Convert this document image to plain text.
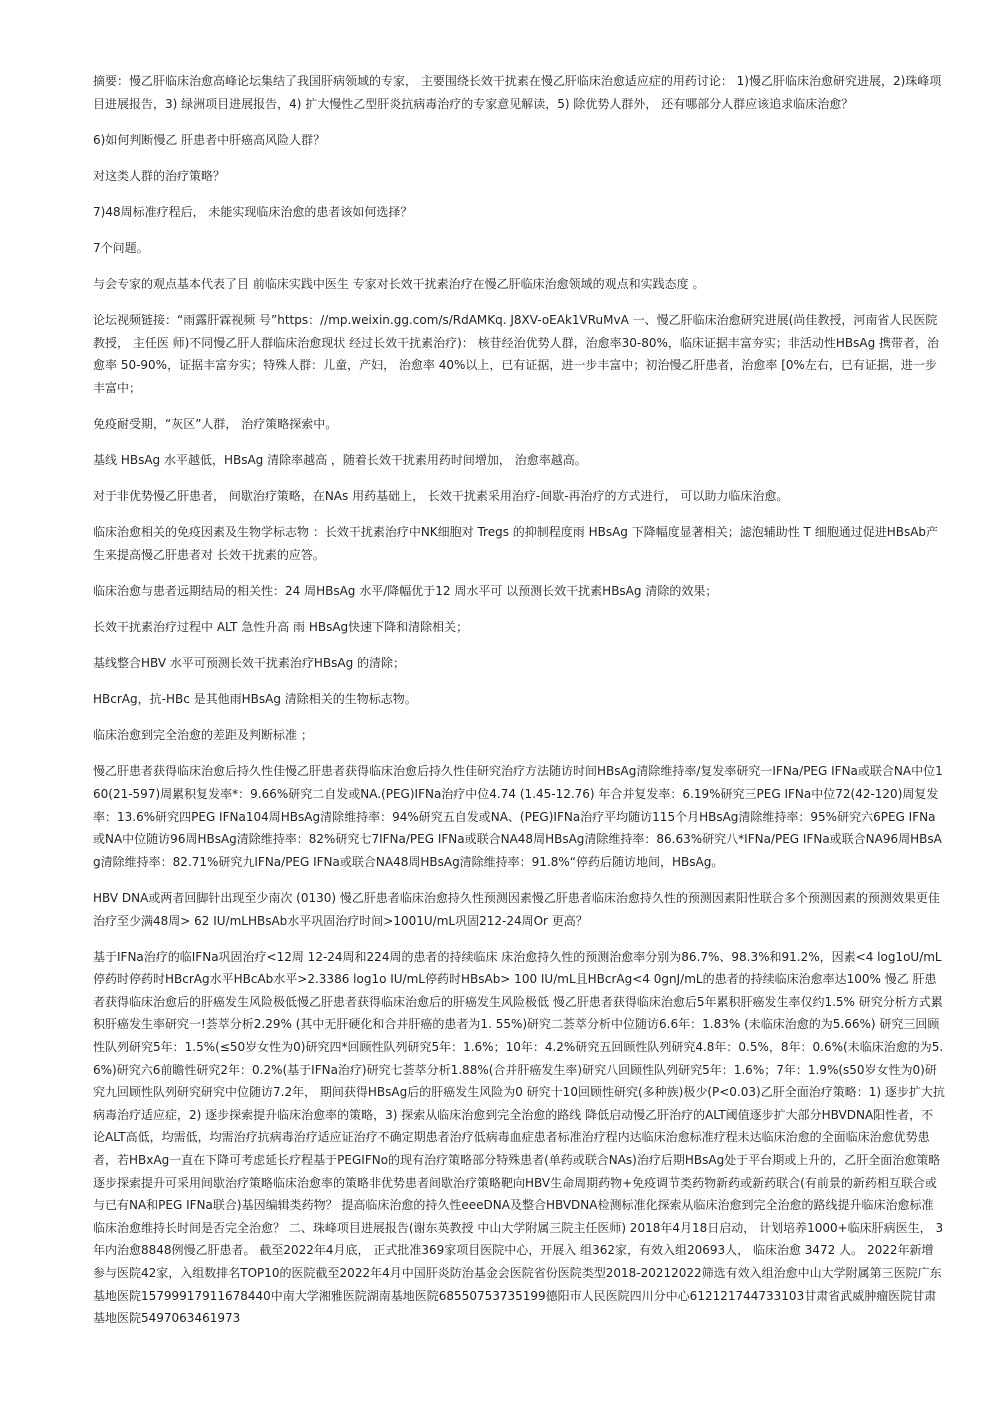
摘要：慢乙肝临床治愈高峰论坛集结了我国肝病领域的专家， 主要围绕长效干扰素在慢乙肝临床治愈适应症的用药讨论： 1)慢乙肝临床治愈研究进展，2)珠峰项目进展报告，3) 绿洲项目进展报告，4) 扩大慢性乙型肝炎抗病毒治疗的专家意见解读，5) 除优势人群外， 还有哪部分人群应该追求临床治愈？

6)如何判断慢乙 肝患者中肝癌高风险人群？

对这类人群的治疗策略？

7)48周标准疗程后， 未能实现临床治愈的患者该如何选择？

7个问题。

与会专家的观点基本代表了目 前临床实践中医生 专家对长效干扰素治疗在慢乙肝临床治愈领域的观点和实践态度 。

论坛视频链接：“雨露肝霖视频 号”https：//mp.weixin.gg.com/s/RdAMKq. J8XV-oEAk1VRuMvA 一、慢乙肝临床治愈研究进展(尚佳教授，河南省人民医院教授， 主任医 师)不同慢乙肝人群临床治愈现状 经过长效干扰素治疗)： 核苷经治优势人群，治愈率30-80%，临床证据丰富夯实；非活动性HBsAg 携带者，治愈率 50-90%，证据丰富夯实；特殊人群：儿童，产妇， 治愈率 40%以上，已有证据，进一步丰富中；初治慢乙肝患者，治愈率 [0%左右，已有证据，进一步丰富中；

免疫耐受期，“灰区”人群， 治疗策略探索中。

基线 HBsAg 水平越低，HBsAg 清除率越高 ，随着长效干扰素用药时间增加， 治愈率越高。

对于非优势慢乙肝患者， 间歇治疗策略，在NAs 用药基础上， 长效干扰素采用治疗-间歇-再治疗的方式进行， 可以助力临床治愈。

临床治愈相关的免疫因素及生物学标志物 ：长效干扰素治疗中NK细胞对 Tregs 的抑制程度雨 HBsAg 下降幅度显著相关；滤泡辅助性 T 细胞通过促进HBsAb产生来提高慢乙肝患者对 长效干扰素的应答。

临床治愈与患者远期结局的相关性：24 周HBsAg 水平/降幅优于12 周水平可 以预测长效干扰素HBsAg 清除的效果；

长效干扰素治疗过程中 ALT 急性升高 雨 HBsAg快速下降和清除相关；

基线整合HBV 水平可预测长效干扰素治疗HBsAg 的清除；

HBcrAg，抗-HBc 是其他雨HBsAg 清除相关的生物标志物。

临床治愈到完全治愈的差距及判断标准 ；

慢乙肝患者获得临床治愈后持久性佳慢乙肝患者获得临床治愈后持久性佳研究治疗方法随访时间HBsAg清除维持率/复发率研究一IFNa/PEG IFNa或联合NA中位160(21-597)周累积复发率*：9.66%研究二自发或NA.(PEG)IFNa治疗中位4.74 (1.45-12.76) 年合并复发率：6.19%研究三PEG IFNa中位72(42-120)周复发率：13.6%研究四PEG IFNa104周HBsAg清除维持率：94%研究五自发或NA、(PEG)IFNa治疗平均随访115个月HBsAg清除维持率：95%研究六6PEG IFNa或NA中位随访96周HBsAg清除维持率：82%研究七7IFNa/PEG IFNa或联合NA48周HBsAg清除维持率：86.63%研究八*IFNa/PEG IFNa或联合NA96周HBsAg清除维持率：82.71%研究九IFNa/PEG IFNa或联合NA48周HBsAg清除维持率：91.8%“停药后随访地间，HBsAg。

HBV DNA或两者回脚针出现至少南次 (0130) 慢乙肝患者临床治愈持久性预测因素慢乙肝患者临床治愈持久性的预测因素阳性联合多个预测因素的预测效果更佳治疗至少满48周> 62 IU/mLHBsAb水平巩固治疗时间>1001U/mL巩固212-24周Or 更高？

基于IFNa治疗的临IFNa巩固治疗<12周 12-24周和224周的患者的持续临床 床治愈持久性的预测治愈率分别为86.7%、98.3%和91.2%，因素<4 log1oU/mL停药时停药时HBcrAg水平HBcAb水平>2.3386 log1o IU/mL停药时HBsAb> 100 IU/mL且HBcrAg<4 0gnJ/mL的患者的持续临床治愈率达100% 慢乙 肝患者获得临床治愈后的肝癌发生风险极低慢乙肝患者获得临床治愈后的肝癌发生风险极低 慢乙肝患者获得临床治愈后5年累积肝癌发生率仅约1.5% 研究分析方式累积肝癌发生率研究一!荟萃分析2.29% (其中无肝硬化和合并肝癌的患者为1. 55%)研究二荟萃分析中位随访6.6年：1.83% (未临床治愈的为5.66%) 研究三回顾性队列研究5年：1.5%(≤50岁女性为0)研究四*回顾性队列研究5年：1.6%；10年：4.2%研究五回顾性队列研究4.8年：0.5%，8年：0.6%(未临床治愈的为5.6%)研究六6前瞻性研究2年：0.2%(基于IFNa治疗)研究七荟萃分析1.88%(合并肝癌发生率)研究八回顾性队列研究5年：1.6%；7年：1.9%(s50岁女性为0)研究九回顾性队列研究研究中位随访7.2年， 期间获得HBsAg后的肝癌发生风险为0 研究十10回顾性研究(多种族)极少(P<0.03)乙肝全面治疗策略：1) 逐步扩大抗病毒治疗适应症，2) 逐步探索提升临床治愈率的策略，3) 探索从临床治愈到完全治愈的路线 降低启动慢乙肝治疗的ALT阈值逐步扩大部分HBVDNA阳性者，不论ALT高低，均需低，均需治疗抗病毒治疗适应证治疗不确定期患者治疗低病毒血症患者标准治疗程内达临床治愈标准疗程未达临床治愈的全面临床治愈优势患者，若HBxAg一直在下降可考虑延长疗程基于PEGIFNo的现有治疗策略部分特殊患者(单药或联合NAs)治疗后期HBsAg处于平台期或上升的，乙肝全面治愈策略逐步探索提升可采用间歇治疗策略临床治愈率的策略非优势患者间歇治疗策略靶向HBV生命周期药物+免疫调节类药物新药或新药联合(有前景的新药相互联合或与已有NA和PEG IFNa联合)基因编辑类药物？ 提高临床治愈的持久性eeeDNA及整合HBVDNA检测标准化探索从临床治愈到完全治愈的路线提升临床治愈标准临床治愈维持长时间是否完全治愈？ 二、珠峰项目进展报告(谢东英教授 中山大学附属三院主任医师) 2018年4月18日启动， 计划培养1000+临床肝病医生， 3年内治愈8848例慢乙肝患者。 截至2022年4月底， 正式批准369家项目医院中心，开展入 组362家，有效入组20693人， 临床治愈 3472 人。 2022年新增参与医院42家，入组数排名TOP10的医院截至2022年4月中国肝炎防治基金会医院省份医院类型2018-20212022筛选有效入组治愈中山大学附属第三医院广东基地医院15799917911678440中南大学湘雅医院湖南基地医院68550753735199德阳市人民医院四川分中心612121744733103甘肃省武威肿瘤医院甘肃基地医院5497063461973
